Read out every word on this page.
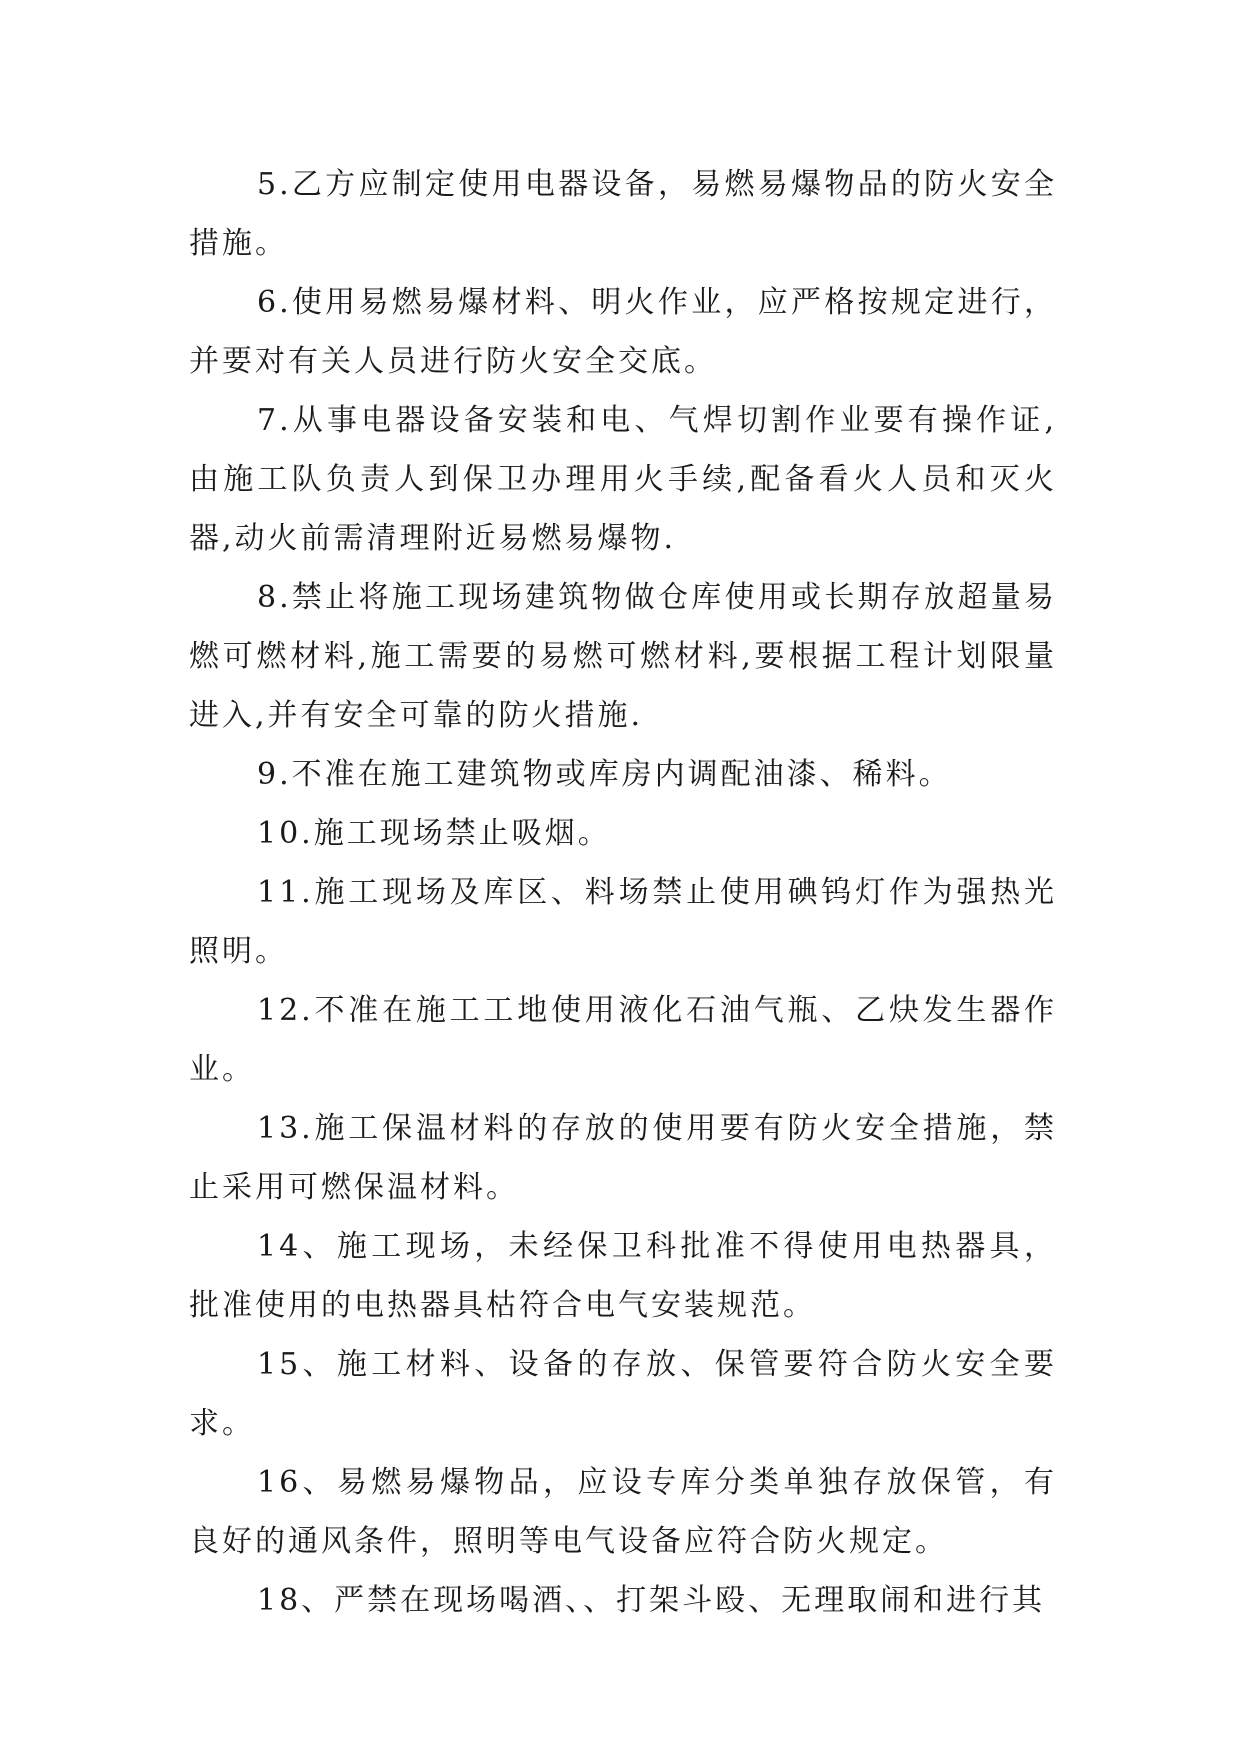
5.乙方应制定使用电器设备，易燃易爆物品的防火安全措施。

6.使用易燃易爆材料、明火作业，应严格按规定进行，并要对有关人员进行防火安全交底。

7.从事电器设备安装和电、气焊切割作业要有操作证,由施工队负责人到保卫办理用火手续,配备看火人员和灭火器,动火前需清理附近易燃易爆物.

8.禁止将施工现场建筑物做仓库使用或长期存放超量易燃可燃材料,施工需要的易燃可燃材料,要根据工程计划限量进入,并有安全可靠的防火措施.

9.不准在施工建筑物或库房内调配油漆、稀料。

10.施工现场禁止吸烟。

11.施工现场及库区、料场禁止使用碘钨灯作为强热光照明。

12.不准在施工工地使用液化石油气瓶、乙炔发生器作业。

13.施工保温材料的存放的使用要有防火安全措施，禁止采用可燃保温材料。

14、施工现场，未经保卫科批准不得使用电热器具，批准使用的电热器具枯符合电气安装规范。

15、施工材料、设备的存放、保管要符合防火安全要求。

16、易燃易爆物品，应设专库分类单独存放保管，有良好的通风条件，照明等电气设备应符合防火规定。

18、严禁在现场喝酒、、打架斗殴、无理取闹和进行其
